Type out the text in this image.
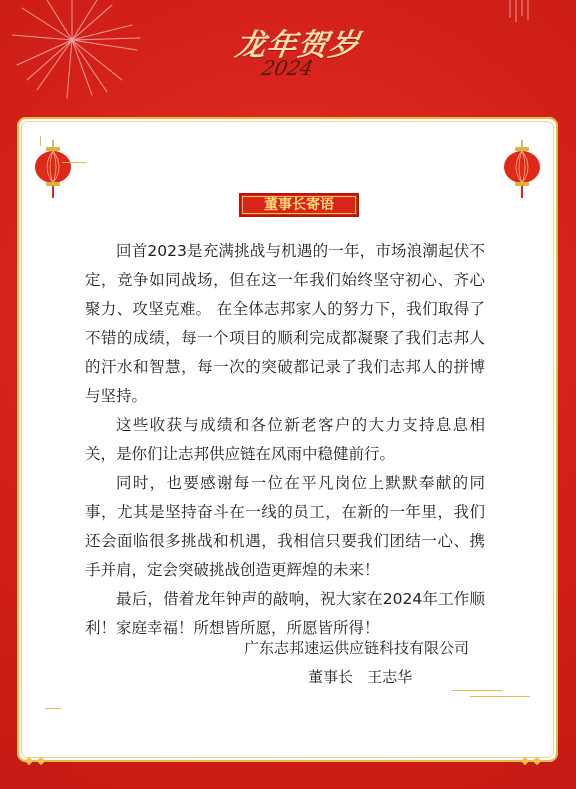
龙年贺岁
2024
董事长寄语

回首2023是充满挑战与机遇的一年，市场浪潮起伏不定，竞争如同战场，但在这一年我们始终坚守初心、齐心聚力、攻坚克难。 在全体志邦家人的努力下，我们取得了不错的成绩，每一个项目的顺利完成都凝聚了我们志邦人的汗水和智慧，每一次的突破都记录了我们志邦人的拼博与坚持。

这些收获与成绩和各位新老客户的大力支持息息相关，是你们让志邦供应链在风雨中稳健前行。

同时，也要感谢每一位在平凡岗位上默默奉献的同事，尤其是坚持奋斗在一线的员工，在新的一年里，我们还会面临很多挑战和机遇，我相信只要我们团结一心、携手并肩，定会突破挑战创造更辉煌的未来！

最后，借着龙年钟声的敲响，祝大家在2024年工作顺利！家庭幸福！所想皆所愿，所愿皆所得！

广东志邦速运供应链科技有限公司
董事长   王志华
